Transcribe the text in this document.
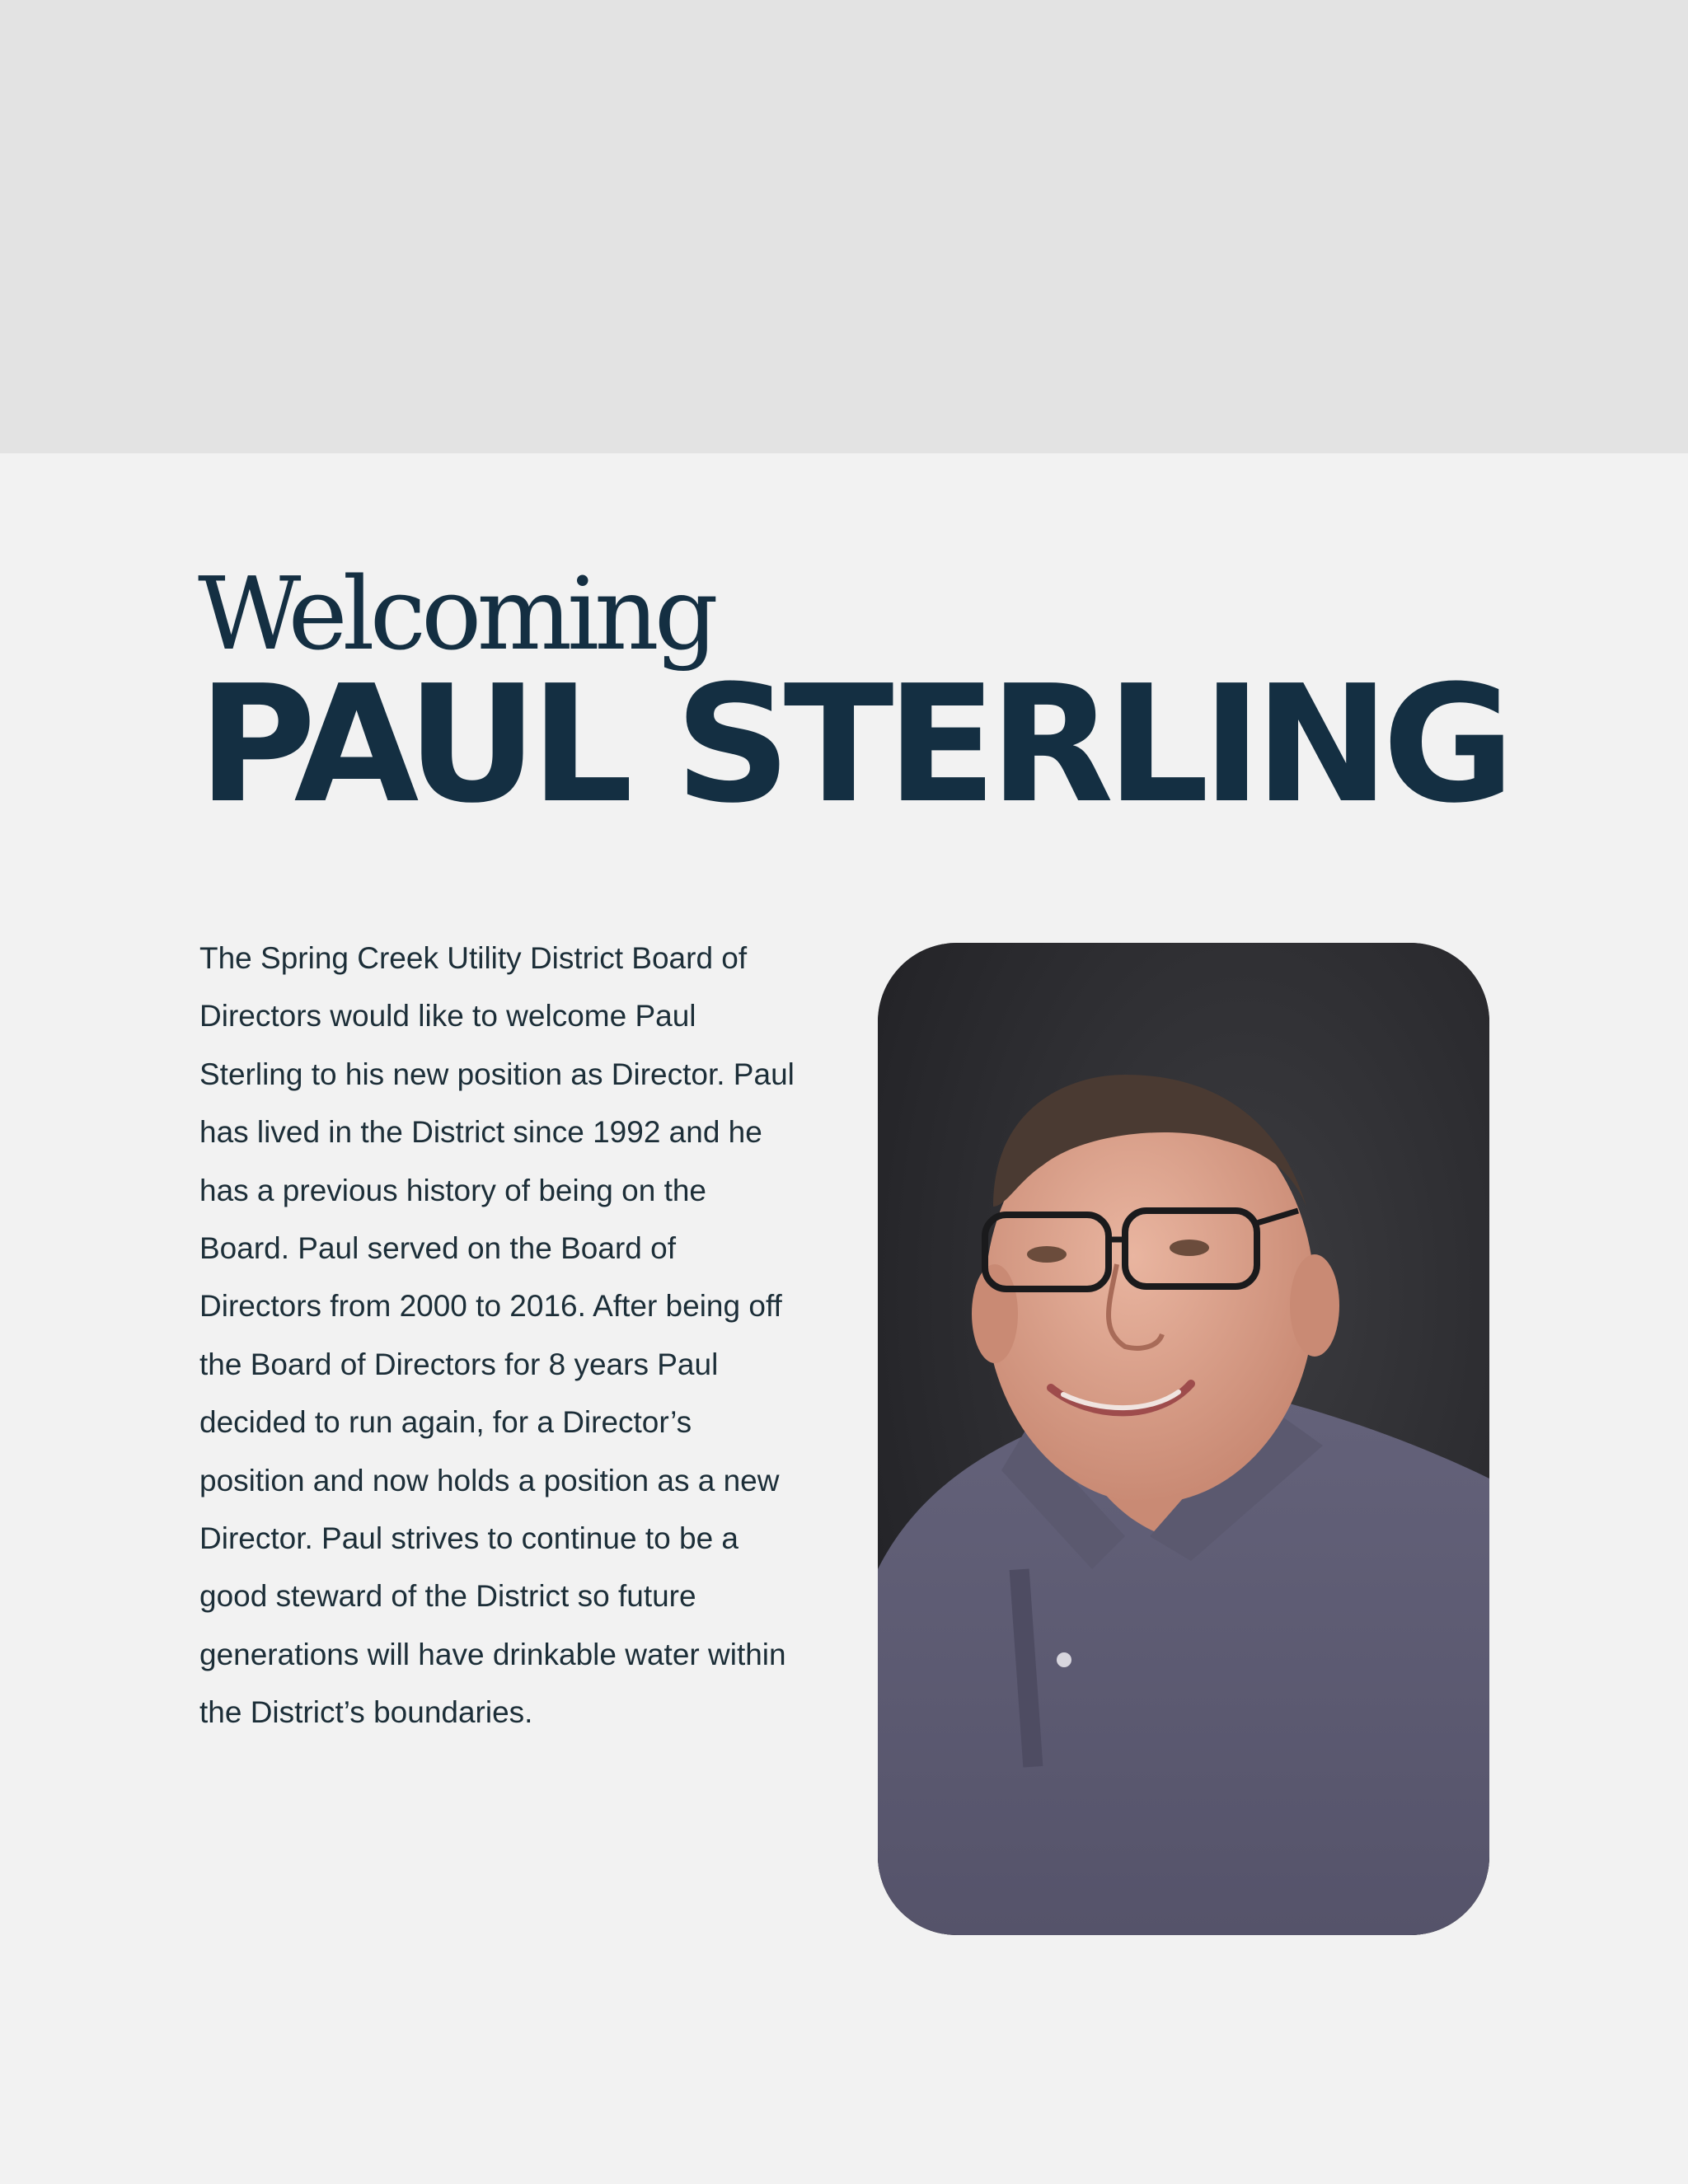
Welcoming
PAUL STERLING

The Spring Creek Utility District Board of Directors would like to welcome Paul Sterling to his new position as Director. Paul has lived in the District since 1992 and he has a previous history of being on the Board. Paul served on the Board of Directors from 2000 to 2016. After being off the Board of Directors for 8 years Paul decided to run again, for a Director’s position and now holds a position as a new Director. Paul strives to continue to be a good steward of the District so future generations will have drinkable water within the District’s boundaries.
